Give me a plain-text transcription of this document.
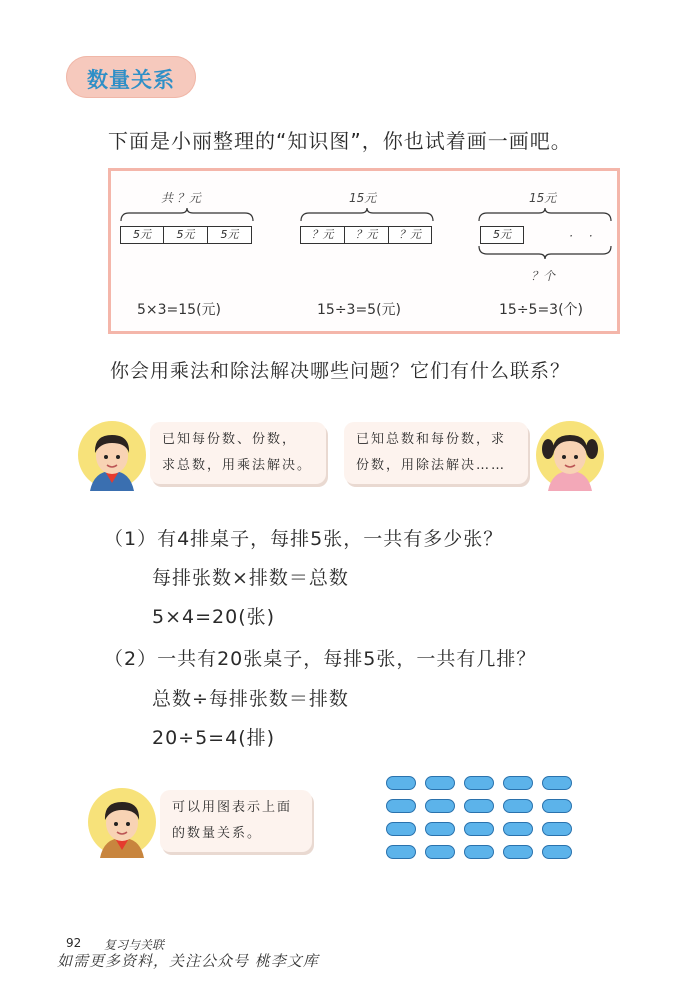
数量关系
下面是小丽整理的“知识图”，你也试着画一画吧。
共 ？元
5元	5元	5元
5×3=15(元)
15元
？元	？元	？元
15÷3=5(元)
15元
5元	· ·
？个
15÷5=3(个)
你会用乘法和除法解决哪些问题？它们有什么联系？
已知每份数、份数，
求总数，用乘法解决。
已知总数和每份数，求
份数，用除法解决……
（1）有4排桌子，每排5张，一共有多少张？
每排张数×排数＝总数
5×4=20(张)
（2）一共有20张桌子，每排5张，一共有几排？
总数÷每排张数＝排数
20÷5=4(排)
可以用图表示上面
的数量关系。
92 复习与关联
如需更多资料，关注公众号 桃李文库
